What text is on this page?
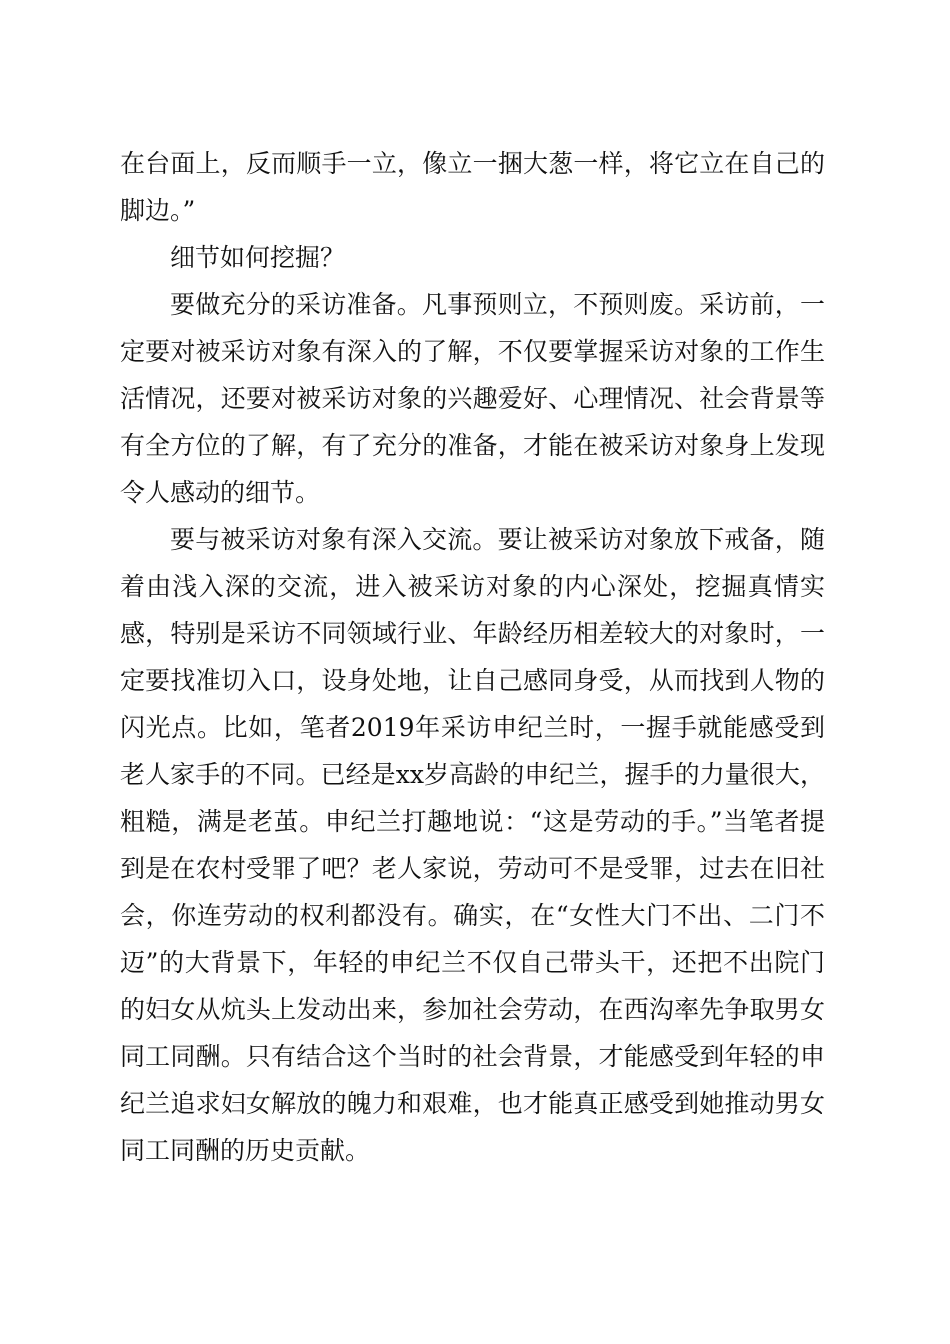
在台面上，反而顺手一立，像立一捆大葱一样，将它立在自己的脚边。”

细节如何挖掘？

要做充分的采访准备。凡事预则立，不预则废。采访前，一定要对被采访对象有深入的了解，不仅要掌握采访对象的工作生活情况，还要对被采访对象的兴趣爱好、心理情况、社会背景等有全方位的了解，有了充分的准备，才能在被采访对象身上发现令人感动的细节。

要与被采访对象有深入交流。要让被采访对象放下戒备，随着由浅入深的交流，进入被采访对象的内心深处，挖掘真情实感，特别是采访不同领域行业、年龄经历相差较大的对象时，一定要找准切入口，设身处地，让自己感同身受，从而找到人物的闪光点。比如，笔者2019年采访申纪兰时，一握手就能感受到老人家手的不同。已经是xx岁高龄的申纪兰，握手的力量很大，粗糙，满是老茧。申纪兰打趣地说：“这是劳动的手。”当笔者提到是在农村受罪了吧？老人家说，劳动可不是受罪，过去在旧社会，你连劳动的权利都没有。确实，在“女性大门不出、二门不迈”的大背景下，年轻的申纪兰不仅自己带头干，还把不出院门的妇女从炕头上发动出来，参加社会劳动，在西沟率先争取男女同工同酬。只有结合这个当时的社会背景，才能感受到年轻的申纪兰追求妇女解放的魄力和艰难，也才能真正感受到她推动男女同工同酬的历史贡献。
